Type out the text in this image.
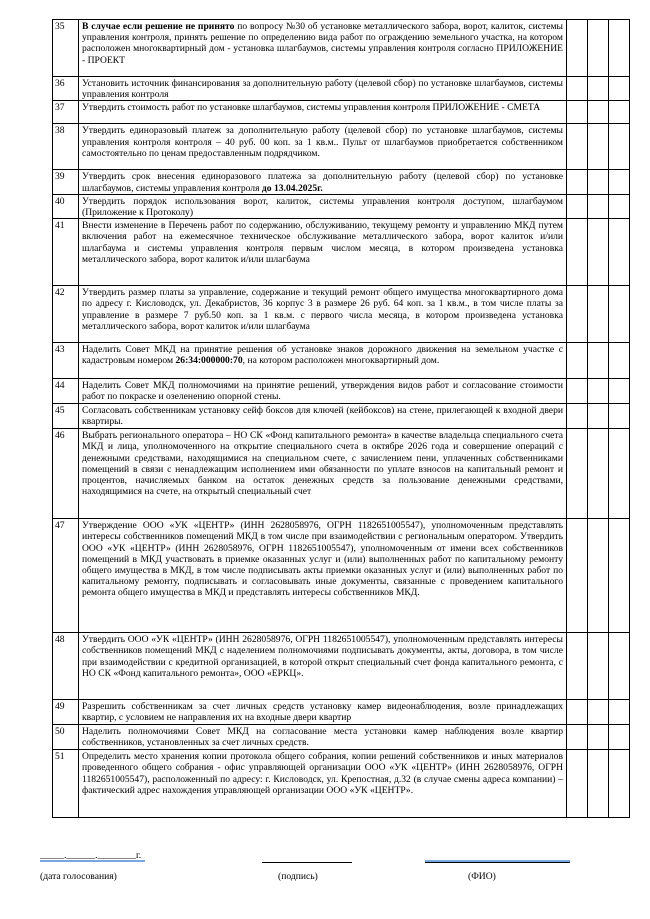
35	В случае если решение не принято по вопросу №30 об установке металлического забора, ворот, калиток, системы управления контроля, принять решение по определению вида работ по ограждению земельного участка, на котором расположен многоквартирный дом - установка шлагбаумов, системы управления контроля согласно ПРИЛОЖЕНИЕ - ПРОЕКТ			
36	Установить источник финансирования за дополнительную работу (целевой сбор) по установке шлагбаумов, системы управления контроля			
37	Утвердить стоимость работ по установке шлагбаумов, системы управления контроля ПРИЛОЖЕНИЕ - СМЕТА			
38	Утвердить единоразовый платеж за дополнительную работу (целевой сбор) по установке шлагбаумов, системы управления контроля контроля – 40 руб. 00 коп. за 1 кв.м.. Пульт от шлагбаумов приобретается собственником самостоятельно по ценам предоставленным подрядчиком.			
39	Утвердить срок внесения единоразового платежа за дополнительную работу (целевой сбор) по установке шлагбаумов, системы управления контроля до 13.04.2025г.			
40	Утвердить порядок использования ворот, калиток, системы управления контроля доступом, шлагбаумом (Приложение к Протоколу)			
41	Внести изменение в Перечень работ по содержанию, обслуживанию, текущему ремонту и управлению МКД путем включения работ на ежемесячное техническое обслуживание металлического забора, ворот калиток и/или шлагбаума и системы управления контроля первым числом месяца, в котором произведена установка металлического забора, ворот калиток и/или шлагбаума			
42	Утвердить размер платы за управление, содержание и текущий ремонт общего имущества многоквартирного дома по адресу г. Кисловодск, ул. Декабристов, 36 корпус 3 в размере 26 руб. 64 коп. за 1 кв.м., в том числе платы за управление в размере 7 руб.50 коп. за 1 кв.м. с первого числа месяца, в котором произведена установка металлического забора, ворот калиток и/или шлагбаума			
43	Наделить Совет МКД на принятие решения об установке знаков дорожного движения на земельном участке с кадастровым номером 26:34:000000:70, на котором расположен многоквартирный дом.			
44	Наделить Совет МКД полномочиями на принятие решений, утверждения видов работ и согласование стоимости работ по покраске и озеленению опорной стены.			
45	Согласовать собственникам установку сейф боксов для ключей (кейбоксов) на стене, прилегающей к входной двери квартиры.			
46	Выбрать регионального оператора – НО СК «Фонд капитального ремонта» в качестве владельца специального счета МКД и лица, уполномоченного на открытие специального счета в октябре 2026 года и совершение операций с денежными средствами, находящимися на специальном счете, с зачислением пени, уплаченных собственниками помещений в связи с ненадлежащим исполнением ими обязанности по уплате взносов на капитальный ремонт и процентов, начисляемых банком на остаток денежных средств за пользование денежными средствами, находящимися на счете, на открытый специальный счет			
47	Утверждение ООО «УК «ЦЕНТР» (ИНН 2628058976, ОГРН 1182651005547), уполномоченным представлять интересы собственников помещений МКД в том числе при взаимодействии с региональным оператором. Утвердить ООО «УК «ЦЕНТР» (ИНН 2628058976, ОГРН 1182651005547), уполномоченным от имени всех собственников помещений в МКД участвовать в приемке оказанных услуг и (или) выполненных работ по капитальному ремонту общего имущества в МКД, в том числе подписывать акты приемки оказанных услуг и (или) выполненных работ по капитальному ремонту, подписывать и согласовывать иные документы, связанные с проведением капитального ремонта общего имущества в МКД и представлять интересы собственников МКД.			
48	Утвердить ООО «УК «ЦЕНТР» (ИНН 2628058976, ОГРН 1182651005547), уполномоченным представлять интересы собственников помещений МКД с наделением полномочиями подписывать документы, акты, договора, в том числе при взаимодействии с кредитной организацией, в которой открыт специальный счет фонда капитального ремонта, с НО СК «Фонд капитального ремонта», ООО «ЕРКЦ».			
49	Разрешить собственникам за счет личных средств установку камер видеонаблюдения, возле принадлежащих квартир, с условием не направления их на входные двери квартир			
50	Наделить полномочиями Совет МКД на согласование места установки камер наблюдения возле квартир собственников, установленных за счет личных средств.			
51	Определить место хранения копии протокола общего собрания, копии решений собственников и иных материалов проведенного общего собрания - офис управляющей организации ООО «УК «ЦЕНТР» (ИНН 2628058976, ОГРН 1182651005547), расположенный по адресу: г. Кисловодск, ул. Крепостная, д.32 (в случае смены адреса компании) – фактический адрес нахождения управляющей организации ООО «УК «ЦЕНТР».			
_____.______.________г.
(дата голосования)	(подпись)	(ФИО)
